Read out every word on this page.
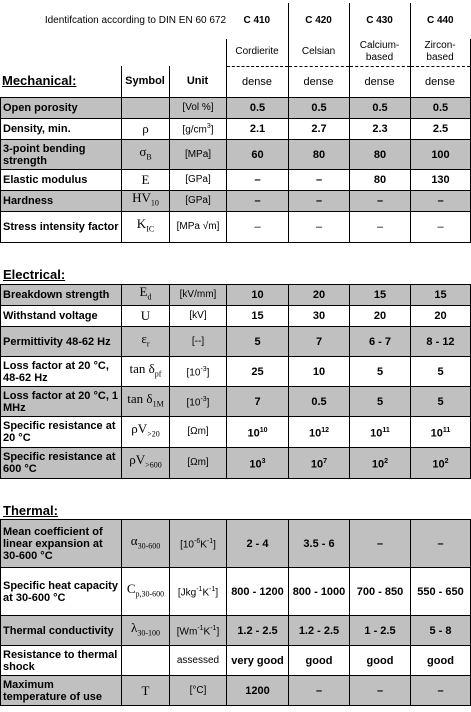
Identifcation according to DIN EN 60 672			C 410	C 420	C 430	C 440
			Cordierite	Celsian	Calcium-based	Zircon-based
Mechanical:	Symbol	Unit	dense	dense	dense	dense
Open porosity		[Vol %]	0.5	0.5	0.5	0.5
Density, min.	ρ	$[g/cm^3]$	2.1	2.7	2.3	2.5
3-point bending strength	$\sigma_B$	[MPa]	60	80	80	100
Elastic modulus	E	[GPa]	–	–	80	130
Hardness	$HV_{10}$	[GPa]	–	–	–	–
Stress intensity factor	$K_{IC}$	[MPa √m]	–	–	–	–
Electrical:
Breakdown strength	$E_d$	[kV/mm]	10	20	15	15
Withstand voltage	U	[kV]	15	30	20	20
Permittivity 48-62 Hz	$\varepsilon_r$	[--]	5	7	6 - 7	8 - 12
Loss factor at 20 °C, 48-62 Hz	$\tan \delta_{pf}$	$[10^{-3}]$	25	10	5	5
Loss factor at 20 °C, 1 MHz	$\tan \delta_{1M}$	$[10^{-3}]$	7	0.5	5	5
Specific resistance at 20 °C	$\rho V_{>20}$	[Ωm]	$10^{10}$	$10^{12}$	$10^{11}$	$10^{11}$
Specific resistance at 600 °C	$\rho V_{>600}$	[Ωm]	$10^3$	$10^7$	$10^2$	$10^2$
Thermal:
Mean coefficient of linear expansion at 30-600 °C	$\alpha_{30-600}$	$[10^{-6}K^{-1}]$	2 - 4	3.5 - 6	–	–
Specific heat capacity at 30-600 °C	$C_{p,30-600}$	$[Jkg^{-1}K^{-1}]$	800 - 1200	800 - 1000	700 - 850	550 - 650
Thermal conductivity	$\lambda_{30-100}$	$[Wm^{-1}K^{-1}]$	1.2 - 2.5	1.2 - 2.5	1 - 2.5	5 - 8
Resistance to thermal shock		assessed	very good	good	good	good
Maximum temperature of use	T	[°C]	1200	–	–	–
